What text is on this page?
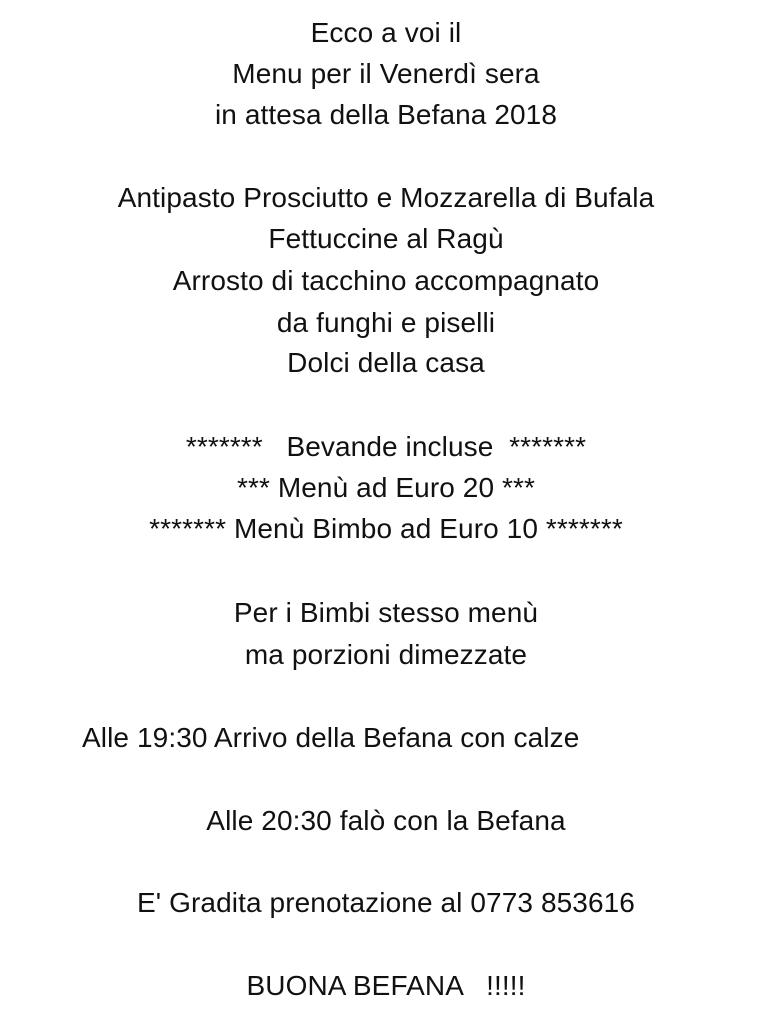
Ecco a voi il
Menu per il Venerdì sera
in attesa della Befana 2018
Antipasto Prosciutto e Mozzarella di Bufala
Fettuccine al Ragù
Arrosto di tacchino accompagnato
da funghi e piselli
Dolci della casa
*******   Bevande incluse  *******
*** Menù ad Euro 20 ***
******* Menù Bimbo ad Euro 10 *******
Per i Bimbi stesso menù
ma porzioni dimezzate
Alle 19:30 Arrivo della Befana con calze
Alle 20:30 falò con la Befana
E' Gradita prenotazione al 0773 853616
BUONA BEFANA   !!!!!
